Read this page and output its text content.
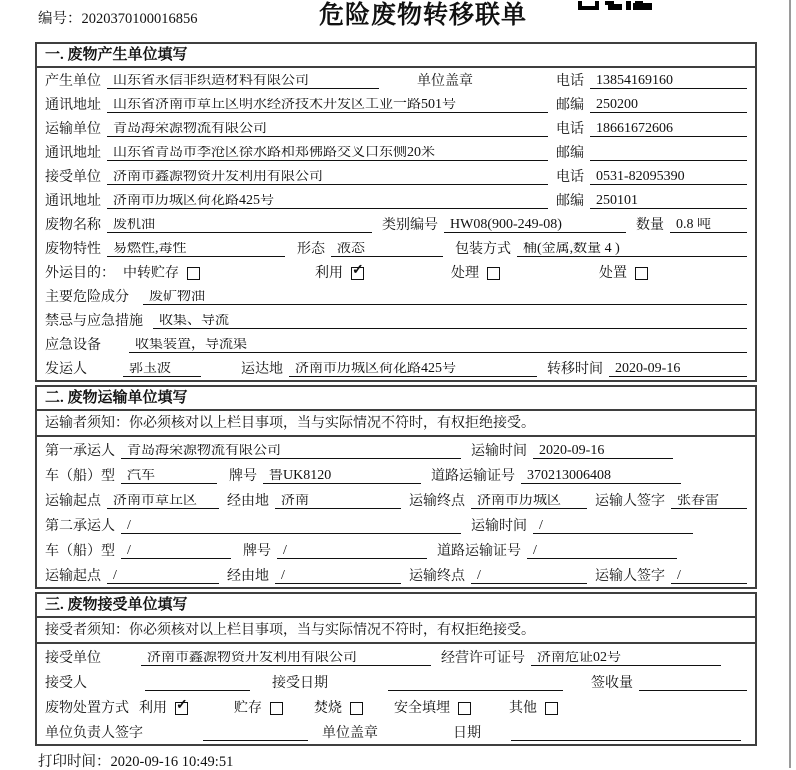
编号：2020370100016856	危险废物转移联单
一. 废物产生单位填写
产生单位 山东省永信非织造材料有限公司	单位盖章	电话 13854169160
通讯地址 山东省济南市章丘区明水经济技术开发区工业一路501号	邮编 250200
运输单位 青岛海荣源物流有限公司	电话 18661672606
通讯地址 山东省青岛市李沧区徐水路和郑佛路交叉口东侧20米	邮编
接受单位 济南市鑫源物资开发利用有限公司	电话 0531-82095390
通讯地址 济南市历城区荷花路425号	邮编 250101
废物名称 废机油	类别编号 HW08(900-249-08)	数量 0.8 吨
废物特性 易燃性,毒性	形态 液态	包装方式 桶(金属,数量 4 )
外运目的： 中转贮存	利用 ✓	处理	处置
主要危险成分	废矿物油
禁忌与应急措施	收集、导流
应急设备	收集装置，导流渠
发运人	郭玉波	运达地 济南市历城区荷花路425号	转移时间 2020-09-16
二. 废物运输单位填写
运输者须知：你必须核对以上栏目事项，当与实际情况不符时，有权拒绝接受。
第一承运人 青岛海荣源物流有限公司	运输时间 2020-09-16
车（船）型 汽车	牌号 鲁UK8120	道路运输证号 370213006408
运输起点 济南市章丘区	经由地 济南	运输终点 济南市历城区	运输人签字 张春雷
第二承运人 /	运输时间 /
车（船）型 /	牌号 /	道路运输证号 /
运输起点 /	经由地 /	运输终点 /	运输人签字 /
三. 废物接受单位填写
接受者须知：你必须核对以上栏目事项，当与实际情况不符时，有权拒绝接受。
接受单位	济南市鑫源物资开发利用有限公司	经营许可证号 济南危证02号
接受人	接受日期	签收量
废物处置方式 利用 ✓	贮存	焚烧	安全填埋	其他
单位负责人签字	单位盖章	日期
打印时间：2020-09-16 10:49:51
